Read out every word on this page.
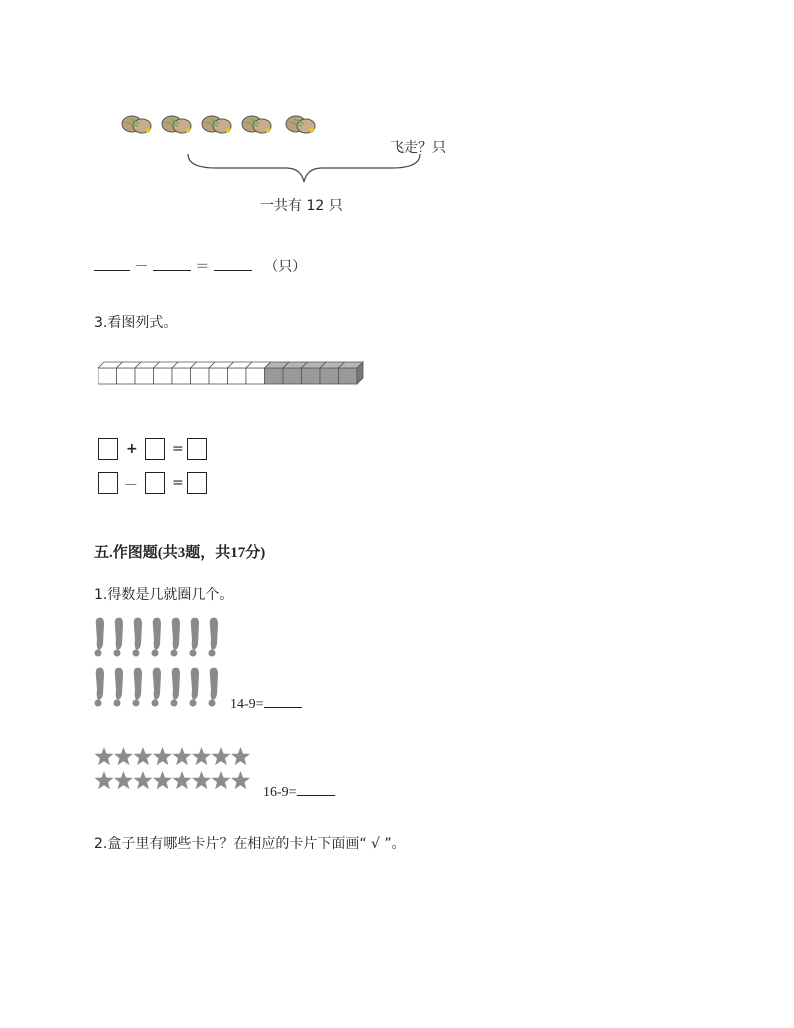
飞走？只
一共有 12 只
－	＝	（只）
3.看图列式。
+ =
－ =
五.作图题(共3题，共17分)
1.得数是几就圈几个。
14-9=
16-9=
2.盒子里有哪些卡片？在相应的卡片下面画“ √ ”。
